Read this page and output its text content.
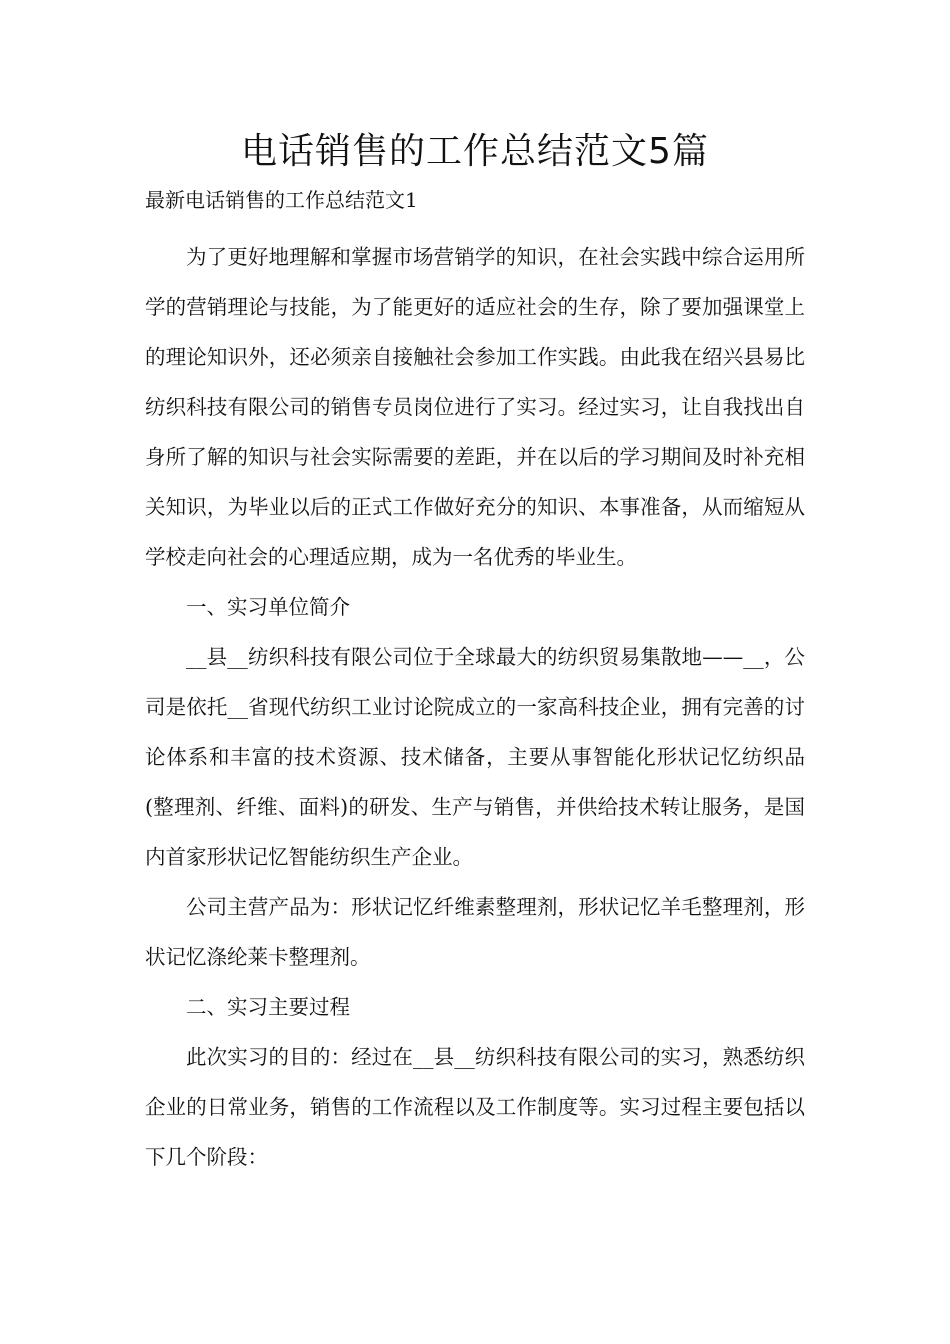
电话销售的工作总结范文5篇

最新电话销售的工作总结范文1

为了更好地理解和掌握市场营销学的知识，在社会实践中综合运用所学的营销理论与技能，为了能更好的适应社会的生存，除了要加强课堂上的理论知识外，还必须亲自接触社会参加工作实践。由此我在绍兴县易比纺织科技有限公司的销售专员岗位进行了实习。经过实习，让自我找出自身所了解的知识与社会实际需要的差距，并在以后的学习期间及时补充相关知识，为毕业以后的正式工作做好充分的知识、本事准备，从而缩短从学校走向社会的心理适应期，成为一名优秀的毕业生。

一、实习单位简介

__县__纺织科技有限公司位于全球最大的纺织贸易集散地——__，公司是依托__省现代纺织工业讨论院成立的一家高科技企业，拥有完善的讨论体系和丰富的技术资源、技术储备，主要从事智能化形状记忆纺织品(整理剂、纤维、面料)的研发、生产与销售，并供给技术转让服务，是国内首家形状记忆智能纺织生产企业。

公司主营产品为：形状记忆纤维素整理剂，形状记忆羊毛整理剂，形状记忆涤纶莱卡整理剂。

二、实习主要过程

此次实习的目的：经过在__县__纺织科技有限公司的实习，熟悉纺织企业的日常业务，销售的工作流程以及工作制度等。实习过程主要包括以下几个阶段：
